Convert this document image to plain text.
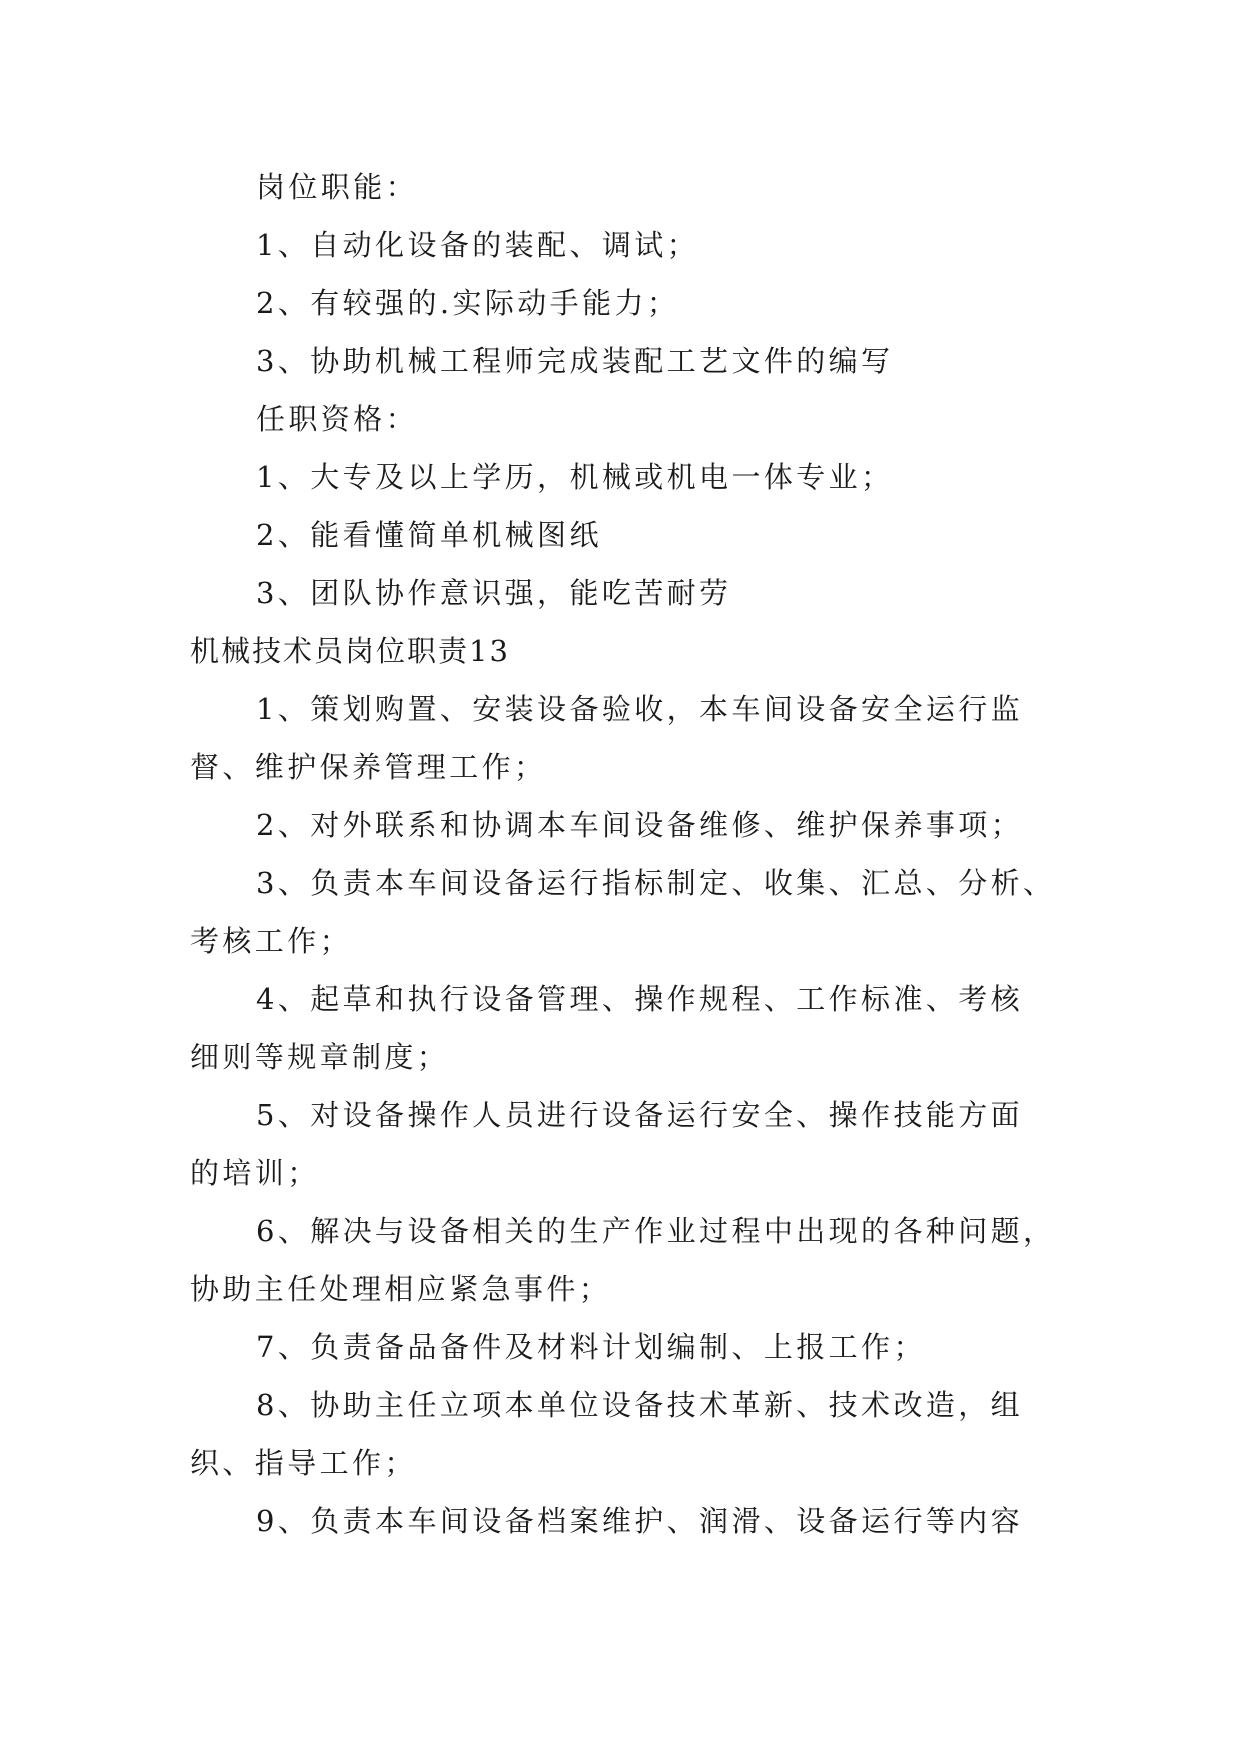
岗位职能：

1、自动化设备的装配、调试；

2、有较强的.实际动手能力；

3、协助机械工程师完成装配工艺文件的编写

任职资格：

1、大专及以上学历，机械或机电一体专业；

2、能看懂简单机械图纸

3、团队协作意识强，能吃苦耐劳

机械技术员岗位职责13

1、策划购置、安装设备验收，本车间设备安全运行监

督、维护保养管理工作；

2、对外联系和协调本车间设备维修、维护保养事项；

3、负责本车间设备运行指标制定、收集、汇总、分析、

考核工作；

4、起草和执行设备管理、操作规程、工作标准、考核

细则等规章制度；

5、对设备操作人员进行设备运行安全、操作技能方面

的培训；

6、解决与设备相关的生产作业过程中出现的各种问题，

协助主任处理相应紧急事件；

7、负责备品备件及材料计划编制、上报工作；

8、协助主任立项本单位设备技术革新、技术改造，组

织、指导工作；

9、负责本车间设备档案维护、润滑、设备运行等内容
